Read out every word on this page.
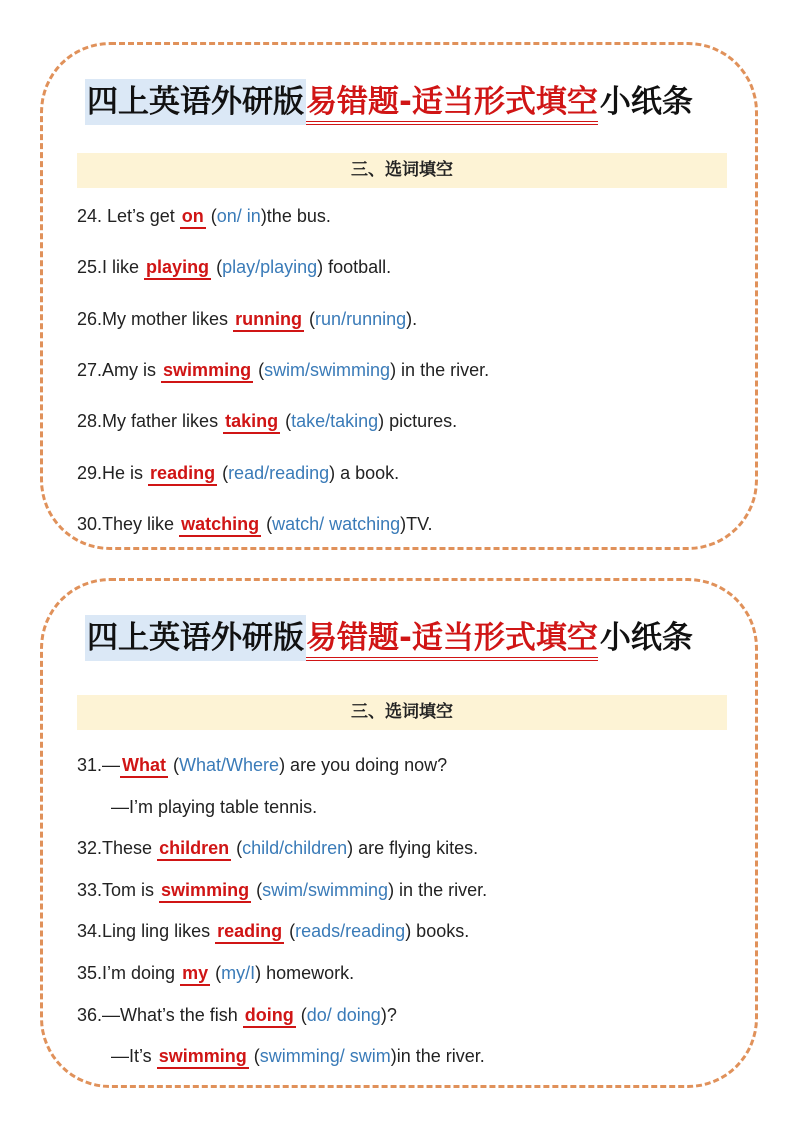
四上英语外研版易错题-适当形式填空小纸条
三、选词填空
24. Let’s get on (on/ in)the bus.
25.I like playing (play/playing) football.
26.My mother likes running (run/running).
27.Amy is swimming (swim/swimming) in the river.
28.My father likes taking (take/taking) pictures.
29.He is reading (read/reading) a book.
30.They like watching (watch/ watching)TV.
四上英语外研版易错题-适当形式填空小纸条
三、选词填空
31.— What (What/Where) are you doing now?
—I’m playing table tennis.
32.These children (child/children) are flying kites.
33.Tom is swimming (swim/swimming) in the river.
34.Ling ling likes reading (reads/reading) books.
35.I’m doing my (my/I) homework.
36.—What’s the fish doing (do/ doing)?
—It’s swimming (swimming/ swim)in the river.
